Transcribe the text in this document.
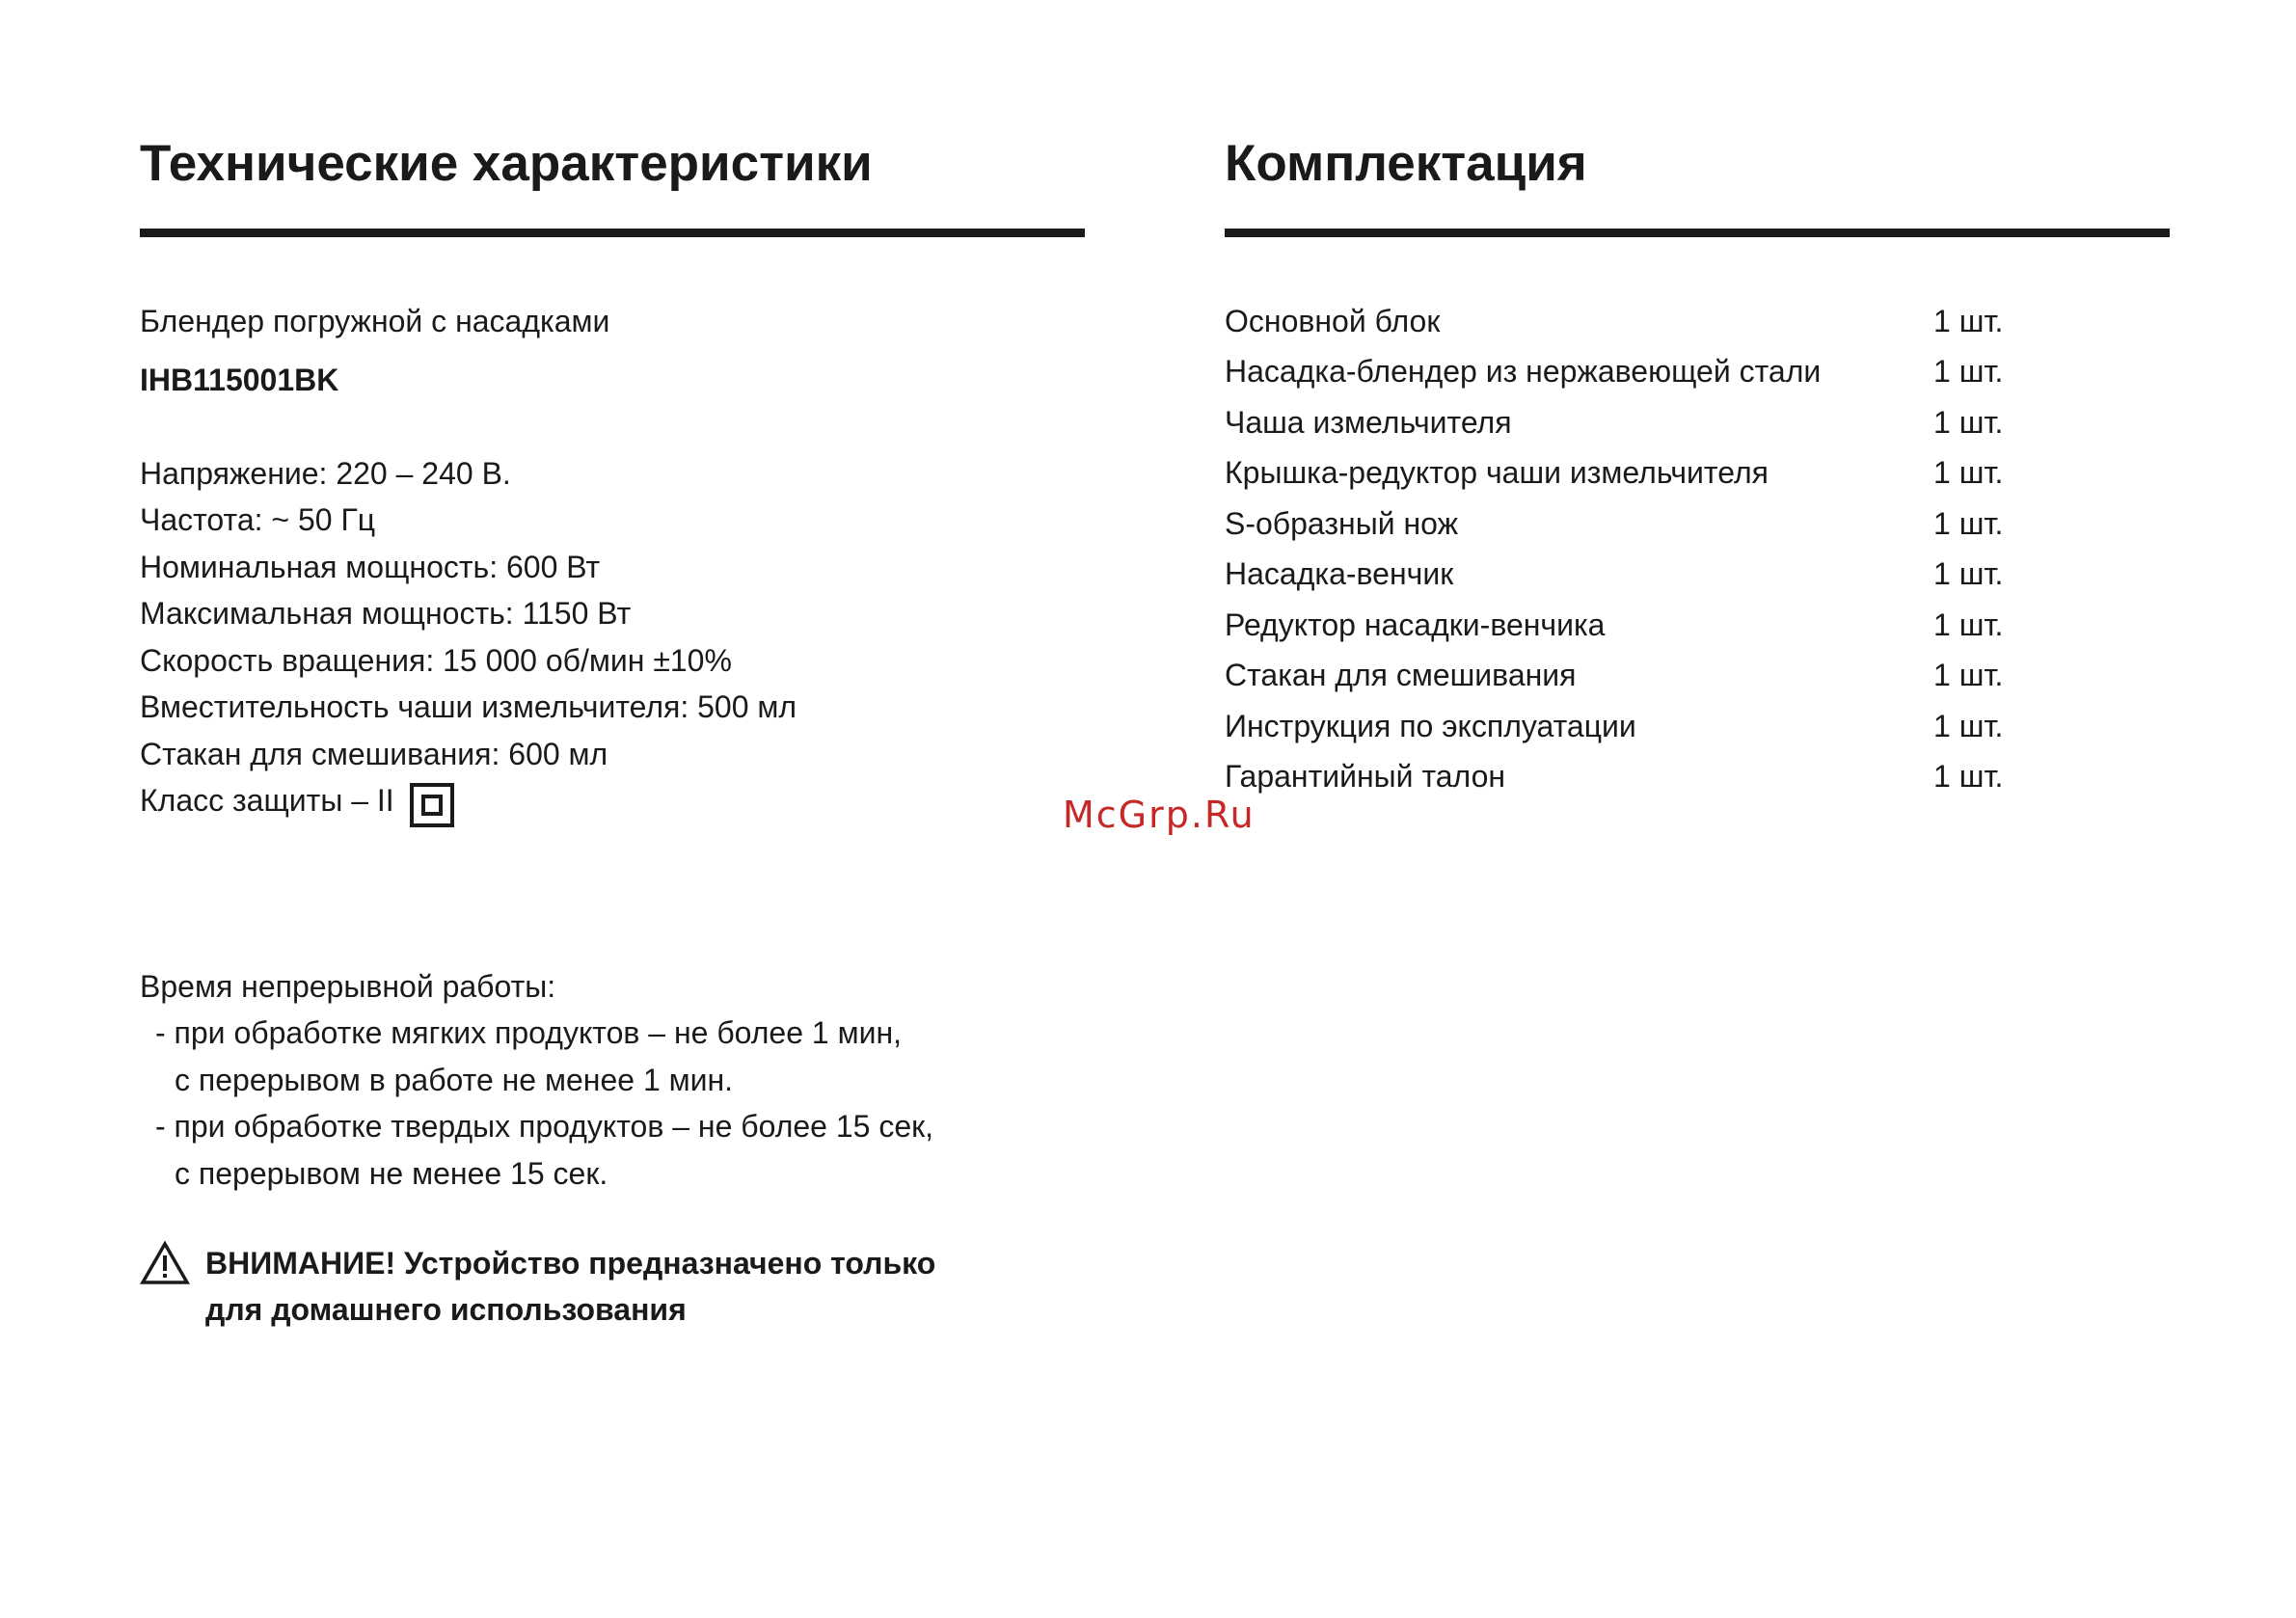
Технические характеристики
Блендер погружной с насадками
IHB115001BK
Напряжение: 220 – 240 В.
Частота: ~ 50 Гц
Номинальная мощность: 600 Вт
Максимальная мощность: 1150 Вт
Скорость вращения: 15 000 об/мин ±10%
Вместительность чаши измельчителя: 500 мл
Стакан для смешивания: 600 мл
Класс защиты – II
Время непрерывной работы:
- при обработке мягких продуктов – не более 1 мин,
с перерывом в работе не менее 1 мин.
- при обработке твердых продуктов – не более 15 сек,
с перерывом не менее 15 сек.
ВНИМАНИЕ! Устройство предназначено только
для домашнего использования
Комплектация
Основной блок	1 шт.
Насадка-блендер из нержавеющей стали	1 шт.
Чаша измельчителя	1 шт.
Крышка-редуктор чаши измельчителя	1 шт.
S-образный нож	1 шт.
Насадка-венчик	1 шт.
Редуктор насадки-венчика	1 шт.
Стакан для смешивания	1 шт.
Инструкция по эксплуатации	1 шт.
Гарантийный талон	1 шт.
McGrp.Ru
